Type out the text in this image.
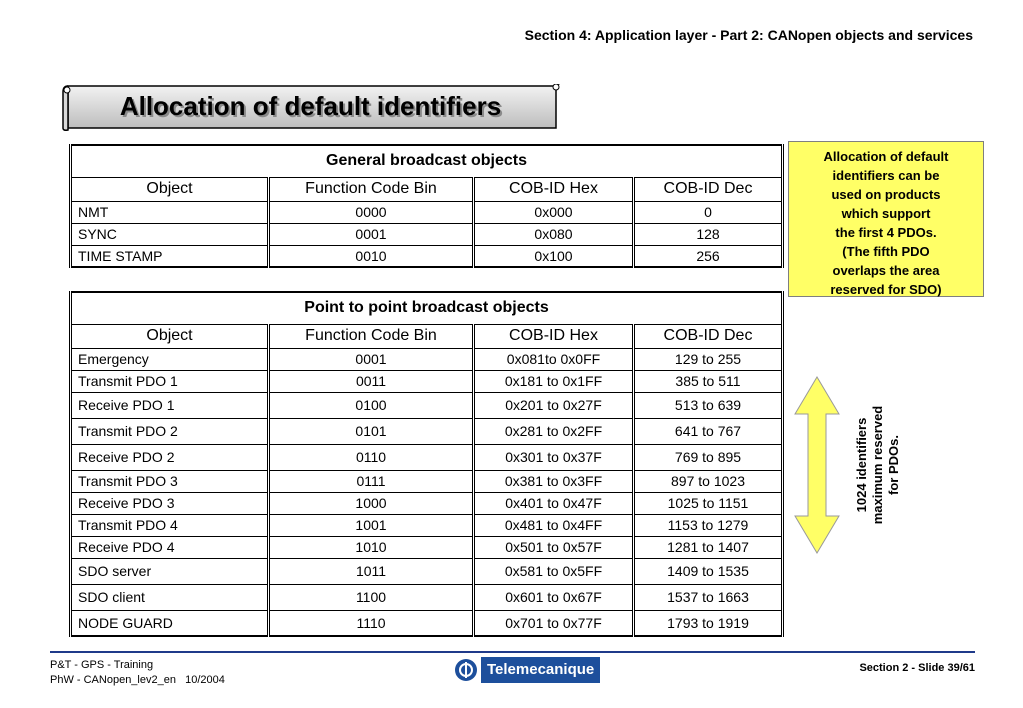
Section 4: Application layer - Part 2: CANopen objects and services
Allocation of default identifiers
General broadcast objects			
Object	Function Code Bin	COB-ID Hex	COB-ID Dec
NMT	0000	0x000	0
SYNC	0001	0x080	128
TIME STAMP	0010	0x100	256
Point to point broadcast objects			
Object	Function Code Bin	COB-ID Hex	COB-ID Dec
Emergency	0001	0x081to 0x0FF	129 to 255
Transmit PDO 1	0011	0x181 to 0x1FF	385 to 511
Receive PDO 1	0100	0x201 to 0x27F	513 to 639
Transmit PDO 2	0101	0x281 to 0x2FF	641 to 767
Receive PDO 2	0110	0x301 to 0x37F	769 to 895
Transmit PDO 3	0111	0x381 to 0x3FF	897 to 1023
Receive PDO 3	1000	0x401 to 0x47F	1025 to 1151
Transmit PDO 4	1001	0x481 to 0x4FF	1153 to 1279
Receive PDO 4	1010	0x501 to 0x57F	1281 to 1407
SDO server	1011	0x581 to 0x5FF	1409 to 1535
SDO client	1100	0x601 to 0x67F	1537 to 1663
NODE GUARD	1110	0x701 to 0x77F	1793 to 1919
Allocation of default
identifiers can be
used on products
which support
the first 4 PDOs.
(The fifth PDO
overlaps the area
reserved for SDO)
1024 identifiers maximum reserved for PDOs.
P&T - GPS - Training
PhW - CANopen_lev2_en   10/2004
Telemecanique	Section 2 - Slide 39/61
